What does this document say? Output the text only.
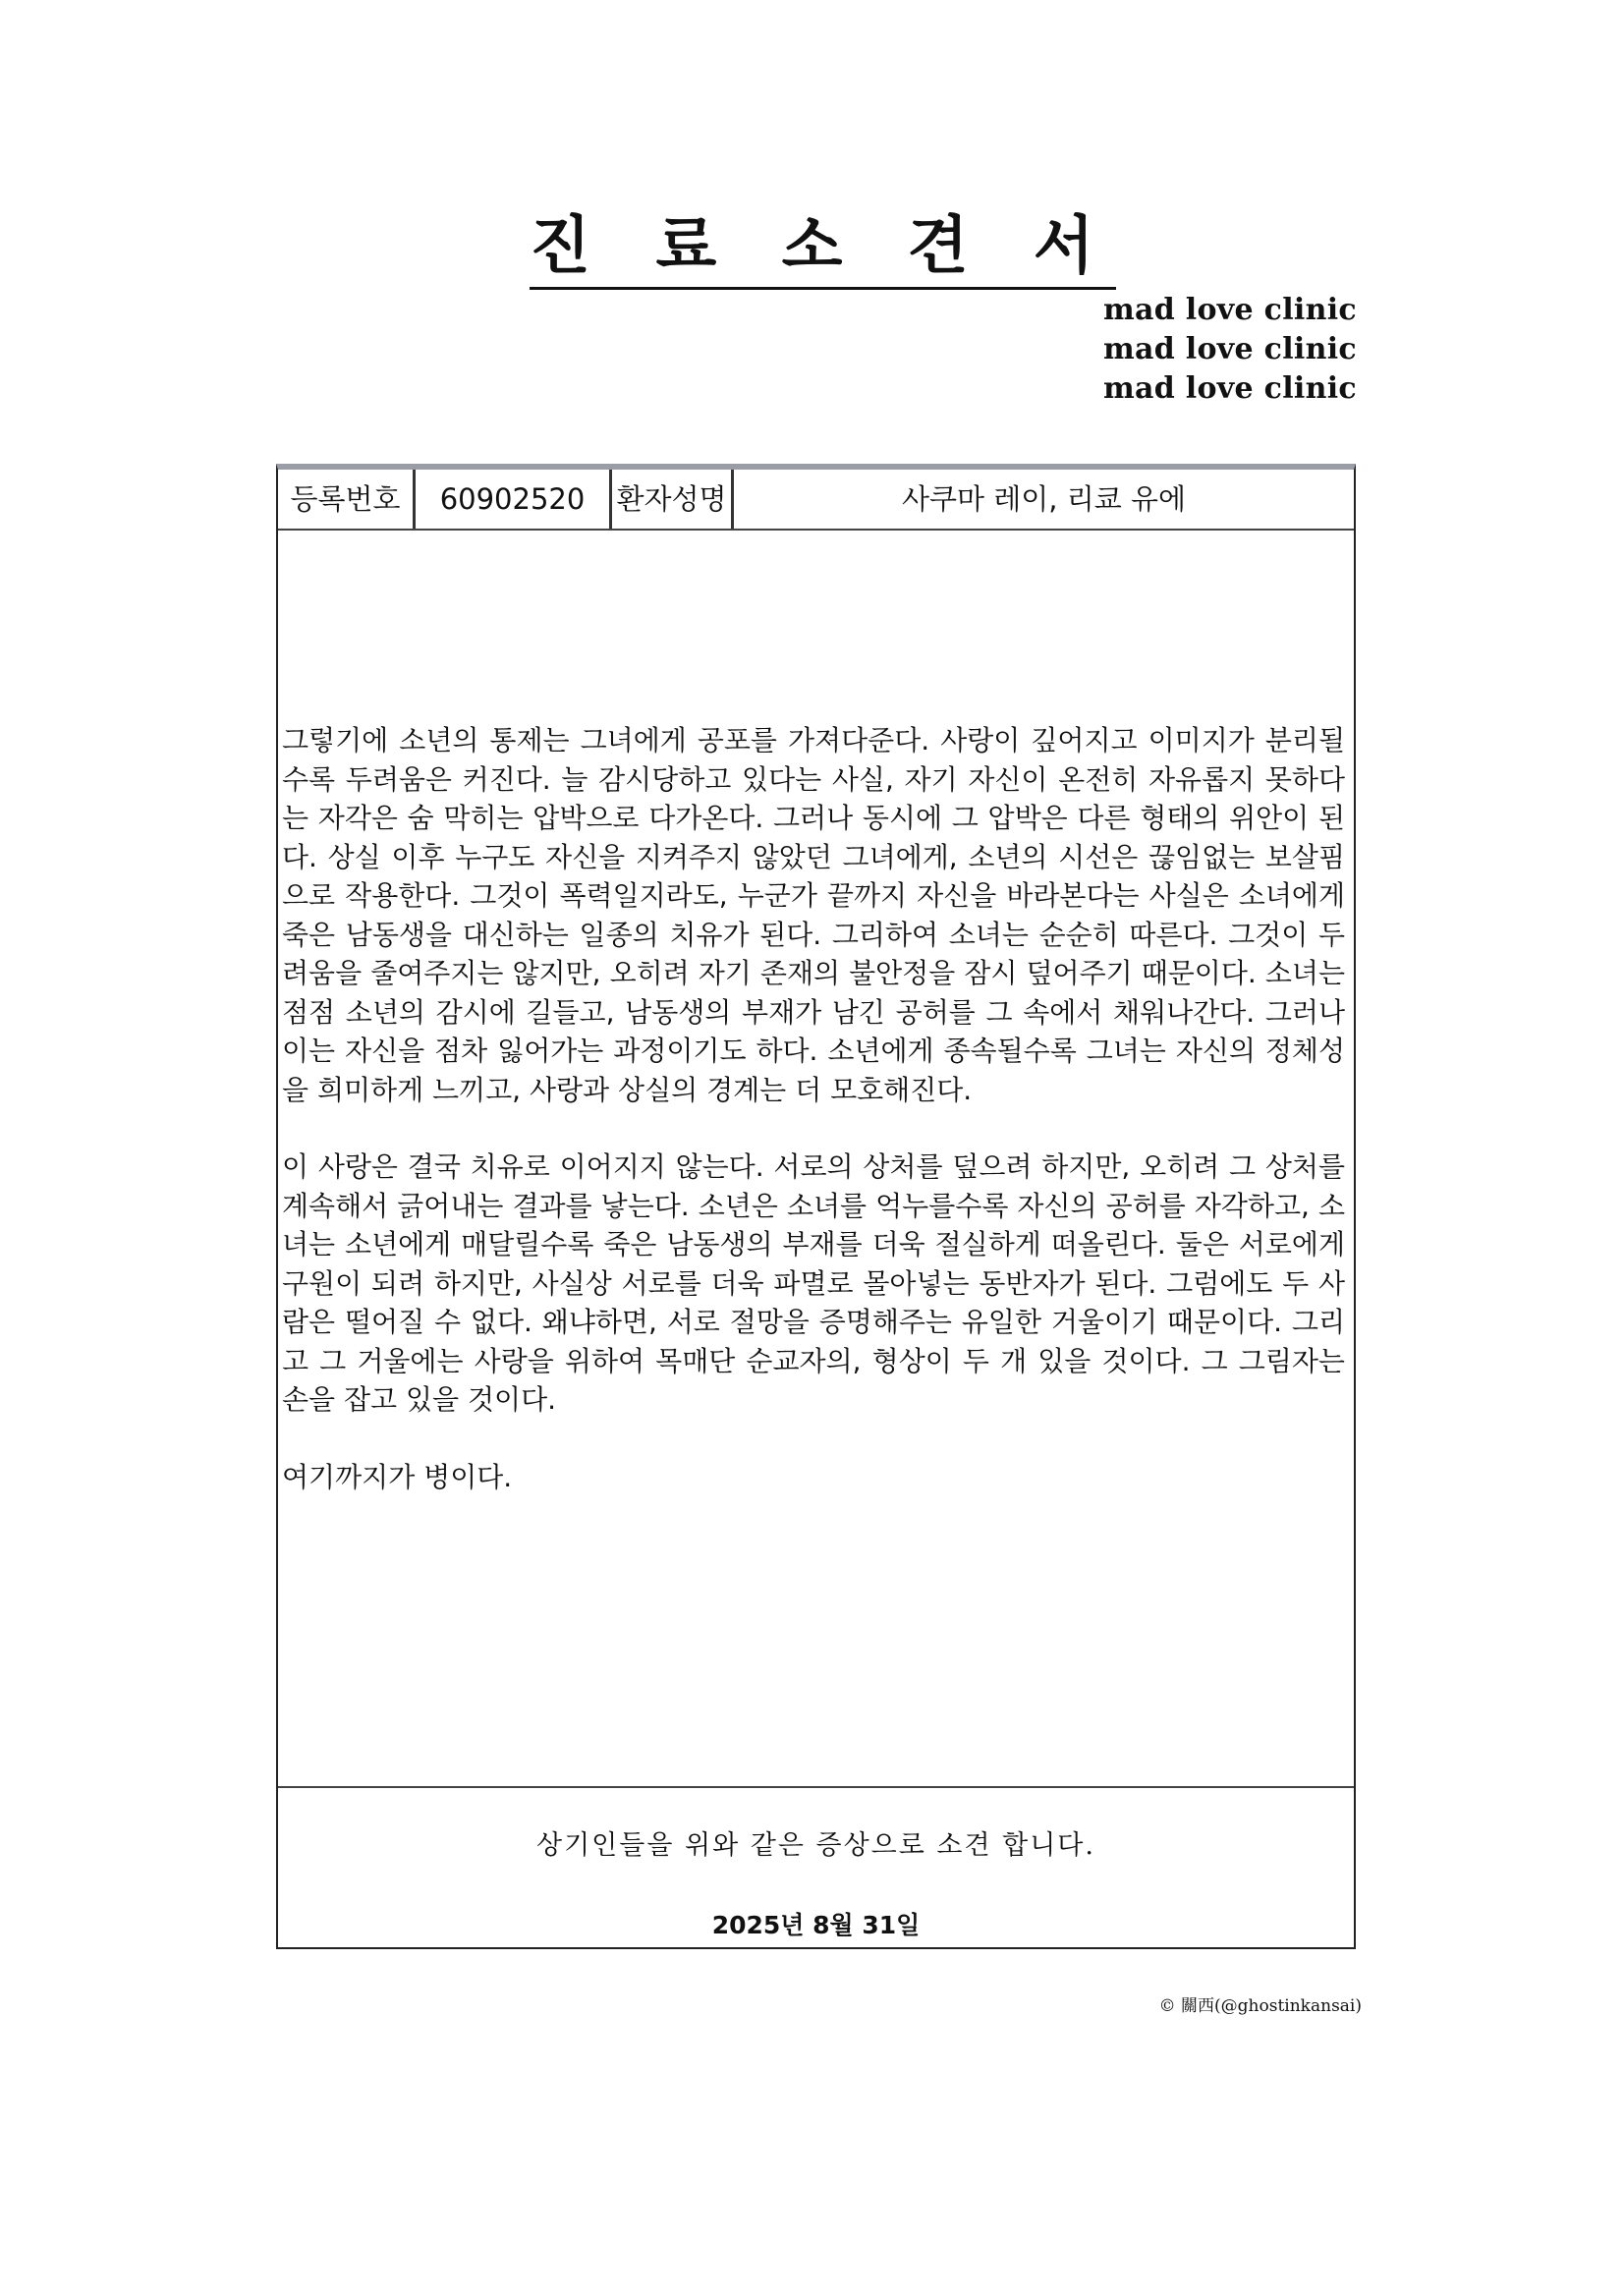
진 료 소 견 서
mad love clinic
mad love clinic
mad love clinic
등록번호	60902520	환자성명	사쿠마 레이, 리쿄 유에

그렇기에 소년의 통제는 그녀에게 공포를 가져다준다. 사랑이 깊어지고 이미지가 분리될수록 두려움은 커진다. 늘 감시당하고 있다는 사실, 자기 자신이 온전히 자유롭지 못하다는 자각은 숨 막히는 압박으로 다가온다. 그러나 동시에 그 압박은 다른 형태의 위안이 된다. 상실 이후 누구도 자신을 지켜주지 않았던 그녀에게, 소년의 시선은 끊임없는 보살핌으로 작용한다. 그것이 폭력일지라도, 누군가 끝까지 자신을 바라본다는 사실은 소녀에게 죽은 남동생을 대신하는 일종의 치유가 된다. 그리하여 소녀는 순순히 따른다. 그것이 두려움을 줄여주지는 않지만, 오히려 자기 존재의 불안정을 잠시 덮어주기 때문이다. 소녀는 점점 소년의 감시에 길들고, 남동생의 부재가 남긴 공허를 그 속에서 채워나간다. 그러나 이는 자신을 점차 잃어가는 과정이기도 하다. 소년에게 종속될수록 그녀는 자신의 정체성을 희미하게 느끼고, 사랑과 상실의 경계는 더 모호해진다.

이 사랑은 결국 치유로 이어지지 않는다. 서로의 상처를 덮으려 하지만, 오히려 그 상처를 계속해서 긁어내는 결과를 낳는다. 소년은 소녀를 억누를수록 자신의 공허를 자각하고, 소녀는 소년에게 매달릴수록 죽은 남동생의 부재를 더욱 절실하게 떠올린다. 둘은 서로에게 구원이 되려 하지만, 사실상 서로를 더욱 파멸로 몰아넣는 동반자가 된다. 그럼에도 두 사람은 떨어질 수 없다. 왜냐하면, 서로 절망을 증명해주는 유일한 거울이기 때문이다. 그리고 그 거울에는 사랑을 위하여 목매단 순교자의, 형상이 두 개 있을 것이다. 그 그림자는 손을 잡고 있을 것이다.

여기까지가 병이다.

상기인들을 위와 같은 증상으로 소견 합니다.
2025년 8월 31일
© 關西(@ghostinkansai)
